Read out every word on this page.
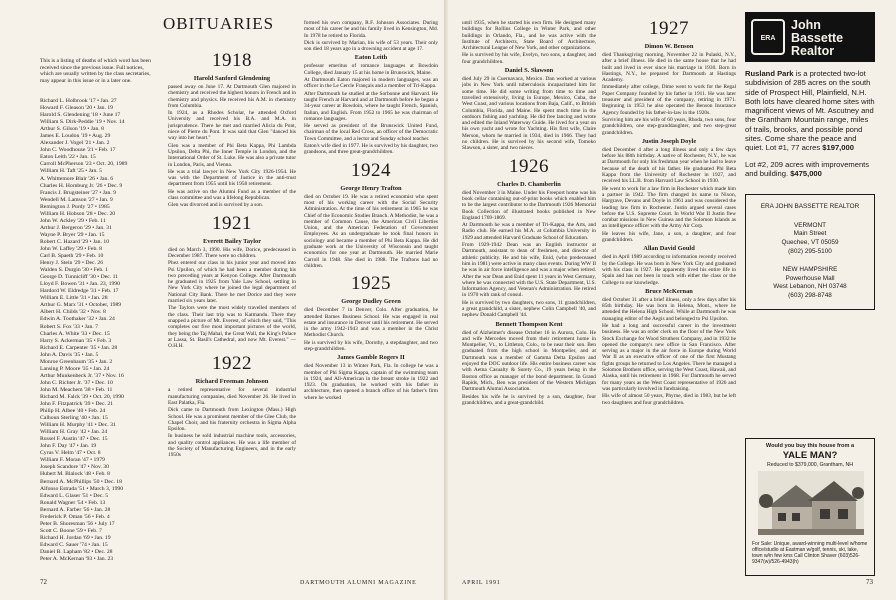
OBITUARIES
This is a listing of deaths of which word has been received since the previous issue. Full notices, which are usually written by the class secretaries, may appear in this issue or in a later one.
Richard L. Holbrook '17 • Jan. 27
Howard F. Gleason '20 • Jan. 19
Harold S. Glendening '18 • June 17
William S. Dirk-Peddie '19 • Nov. 14
Arthur S. Gilson '19 • Jan. 8
James E. Loudon '19 • Aug. 29
Alexander J. Vogel '21 • Jan. 2
John C. Woodhouse '21 • Feb. 17
Eaton Leith '22 • Jan. 15
Carroll McPherson '23 • Oct. 20, 1989
William H. Taft '25 • Jan. 5
A. Whittemore Blair '26 • Jan. 6
Charles H. Hornburg Jr. '26 • Dec. 9
Francis J. Brugsteiner '27 • Jan. 9
Wendell M. Lamson '27 • Jan. 9
Remington J. Purdy '27 • 1985
William H. Hobson '28 • Dec. 20
John W. Ackley '29 • Feb. 11
Arthur J. Bergeron '29 • Jan. 31
Wayne P. Bryer '29 • Jan. 15
Robert C. Hazard '29 • Jan. 10
John W. Laffey '29 • Feb. 8
Carl B. Spaeth '29 • Feb. 10
Henry J. Stein '29 • Dec. 26
Walden S. Durgin '30 • Feb. 1
George D. Tunnicliff '30 • Dec. 11
Lloyd F. Bowen '31 • Jan. 23, 1990
Hardord W. Eldredge '31 • Feb. 17
William E. Little '31 • Jan. 28
Arthur G. Marx '31 • October, 1989
Albert H. Childs '32 • Nov. 8
Edwin A. Toothaker '32 • Jan. 24
Robert S. Fox '33 • Jan. 7
Charles A. White '33 • Dec. 15
Harry S. Ackerman '35 • Feb. 3
Richard E. Carpenter '35 • Jan. 28
John A. Davis '35 • Jan. 5
Monroe Greenbaum '35 • Jan. 2
Lansing P. Moore '35 • Jan. 24
Arthur Munkenbeck Jr. '37 • Nov. 16
John C. Richter Jr. '37 • Dec. 10
John M. Meachem '38 • Feb. 11
Richard M. Falck '39 • Oct. 20, 1990
John F. Fitzpatrick '39 • Dec. 21
Philip H. Albee '40 • Feb. 24
Calhoun Sterling '40 • Jan. 15
William H. Murphy '41 • Dec. 31
William H. Gray '42 • Jan. 24
Russel F. Austin '47 • Dec. 15
John F. Day '47 • Jan. 19
Cyrus V. Helm '47 • Oct. 8
William F. Moran '47 • 1979
Joseph Scandore '47 • Nov. 30
Hubert M. Blalock '48 • Feb. 8
Bernard A. McPhillips '50 • Dec. 18
Alfonso Estrada '51 • March 3, 1990
Edward L. Glaser '51 • Dec. 5
Ronald Wagner '54 • Feb. 13
Bernard A. Farber '56 • Jan. 28
Frederick P. Oman '56 • Feb. 4
Peter B. Shoresman '56 • July 17
Scott C. Boone '59 • Feb. 7
Richard H. Jordan '69 • Jan. 19
Edward C. Sauer '74 • Jan. 15
Daniel B. Lapham '82 • Dec. 28
Peter A. McKernan '93 • Jan. 23
1918
Harold Sanford Glendening

passed away on June 17. At Dartmouth Glen majored in chemistry and received the highest honors in French and in chemistry and physics. He received his A.M. in chemistry from Columbia.

In 1924, as a Rhodes Scholar, he attended Oxford University and received his B.A. and M.A. in jurisprudence. There he met and married Alicia du Pont, niece of Pierre du Pont. It was said that Glen "danced his way into her heart."

Glen was a member of Phi Beta Kappa, Phi Lambda Upsilon, Delta Phi, the Inner Temple in London, and the International Order of St. Luke. He was also a private tutor in London, Paris, and Vienna.

He was a trial lawyer in New York City 1926-1954. He was with the Department of Justice in the anti-trust department from 1955 until his 1958 retirement.

He was active on the Alumni Fund as a member of the class committee and was a lifelong Republican.

Glen was divorced and is survived by a son.

1921
Everett Bailey Taylor

died on March 3, 1990. His wife, Dorice, predeceased in December 1987. There were no children.

Phez entered our class in his junior year and moved into Psi Upsilon, of which he had been a member during his two preceding years at Kenyon College. After Dartmouth he graduated in 1925 from Yale Law School, settling in New York City where he joined the legal department of National City Bank. There he met Dorice and they were married six years later.

The Taylors were the most widely travelled members of the class. Their last trip was to Katmandu. There they snapped a picture of Mt. Everest, of which they said, "This completes our five most important pictures of the world, they being the Taj Mahal, the Great Wall, the King's Palace at Lassa, St. Basil's Cathedral, and now Mt. Everest." —O.H.H.

1922
Richard Freeman Johnson

a retired representative for several industrial manufacturing companies, died November 26. He lived in East Palatka, Fla.

Dick came to Dartmouth from Lexington (Mass.) High School. He was a prominent member of the Glee Club, the Chapel Choir, and his fraternity orchestra in Sigma Alpha Epsilon.

In business he sold industrial machine tools, accessories, and quality control appliances. He was a life member of the Society of Manufacturing Engineers, and in the early 1950s

formed his own company, R.F. Johnson Associates. During most of his career he and his family lived in Kensington, Md. In 1978 he retired to Florida.

Dick is survived by Marian, his wife of 53 years. Their only son died 18 years ago in a drowning accident at age 17.

Eaton Leith

professor emeritus of romance languages at Bowdoin College, died January 15 at his home in Brunswick, Maine.

At Dartmouth Eaton majored in modern languages, was an officer in the Le Cercle Français and a member of Tri-Kappa.

After Dartmouth he studied at the Sorbonne and Harvard. He taught French at Harvard and at Dartmouth before he began a 34-year career at Bowdoin, where he taught French, Spanish, Italian, and English. From 1952 to 1965 he was chairman of romance languages.

He served as president of the Brunswick United Fund, chairman of the local Red Cross, an officer of the Democratic Town Committee, and a lector and Sunday school teacher.

Eaton's wife died in 1977. He is survived by his daughter, two grandsons, and three great-grandchildren.

1924
George Henry Trafton

died on October 19. He was a retired economist who spent most of his working career with the Social Security Administration. At the time of his retirement in 1965 he was Chief of the Economic Studies Branch. A Methodist, he was a member of Common Cause, the American Civil Liberties Union, and the American Federation of Government Employees. As an undergraduate he took final honors in sociology and became a member of Phi Beta Kappa. He did graduate work at the University of Wisconsin and taught economics for one year at Dartmouth. He married Marie Carroll in 1948. She died in 1988. The Traftons had no children.

1925
George Dudley Green

died December 7 in Denver, Colo. After graduation, he attended Barnes Business School. He was engaged in real estate and insurance in Denver until his retirement. He served in the army 1942-1943 and was a member in the Christ Methodist Church.

He is survived by his wife, Dorothy, a stepdaughter, and two step-grandchildren.

James Gamble Rogers II

died November 13 in Winter Park, Fla. In college he was a member of Phi Sigma Kappa, captain of the swimming team in 1924, and All-American in the breast stroke in 1922 and 1923. On graduation, he worked with his father in architecture, then opened a branch office of his father's firm where he worked

72	DARTMOUTH ALUMNI MAGAZINE	APRIL 1991	73

until 1935, when he started his own firm. He designed many buildings for Rollins College in Winter Park, and other buildings in Orlando, Fla., and he was active with the Institute of Architects, State Board of Architecture, Architectural League of New York, and other organizations.

He is survived by his wife, Evelyn, two sons, a daughter, and four grandchildren.

Daniel S. Slawson

died July 29 in Cuernavaca, Mexico. Dan worked at various jobs in New York until tuberculosis incapacitated him for some time. He did some writing from time to time and travelled extensively, living in Europe, Mexico, Cuba, the West Coast, and various locations from Baja, Calif., to British Columbia, Florida, and Maine. He spent much time in the outdoors fishing and yachting. He did free lancing and wrote and edited the Inland Waterway Guide. He lived for a year on his own yacht and wrote for Yachting. His first wife, Claire Merson, whom he married in 1934, died in 1966. They had no children. He is survived by his second wife, Tomoko Slawson, a sister, and two nieces.

1926
Charles D. Chamberlin

died November 3 in Maine. Under his Freeport home was his book cellar containing out-of-print books which enabled him to be the largest contributor to the Dartmouth 1926 Memorial Book Collection of illustrated books published in New England 1769-1869.

At Dartmouth he was a member of Tri-Kappa, the Arts, and Radio club. He earned his M.A. at Columbia University in 1929 and attended Harvard Graduate School of Education.

From 1929-1942 Dean was an English instructor at Dartmouth, assistant to dean of freshmen, and director of athletic publicity. He and his wife, Enid, (who predeceased him in 1981) were active in many class events. During WW II he was in air force intelligence and was a major when retired. After the war Dean and Enid spent 11 years in West Germany, where he was connected with the U.S. State Department, U.S. Information Agency, and Veteran's Administration. He retired in 1970 with rank of consul.

He is survived by two daughters, two sons, 11 grandchildren, a great grandchild, a sister, nephew Colin Campbell '40, and nephew Donald Campbell '44.

Bennett Thompson Kent

died of Alzheimer's disease October 16 in Aurora, Colo. He and wife Mercedes moved from their retirement home in Montpelier, Vt., to Littleton, Colo., to be near their son. Ben graduated from the high school in Montpelier, and at Dartmouth was a member of Gamma Delta Epsilon and enjoyed the DOC outdoor life. His entire business career was with Aetna Casualty & Surety Co., 19 years being in the Boston office as manager of the bond department. In Grand Rapids, Mich., Ben was president of the Western Michigan Dartmouth Alumni Association.

Besides his wife he is survived by a son, daughter, four grandchildren, and a great-grandchild.

1927
Dimon W. Benson

died Thanksgiving morning, November 22 in Pulaski, N.Y., after a brief illness. He died in the same house that he had built and lived in ever since his marriage in 1930. Born in Hastings, N.Y., he prepared for Dartmouth at Hastings Academy.

Immediately after college, Dime went to work for the Regal Paper Company founded by his father in 1911. He was later treasurer and president of the company, retiring in 1971. Beginning in 1953 he also operated the Benson Insurance Agency founded by his father-in-law in the 1920s.

Surviving him are his wife of 60 years, Rhoda, two sons, four grandchildren, one step-granddaughter, and two step-great grandchildren.

Justin Joseph Doyle

died December 4 after a long illness and only a few days before his 88th birthday. A native of Rochester, N.Y., he was at Dartmouth for only his freshman year when he had to leave because of the death of his father. He graduated Phi Beta Kappa from the University of Rochester in 1927, and received his LL.B. from Harvard Law School in 1930.

He went to work for a law firm in Rochester which made him a partner in 1942. The firm changed its name to Nixon, Hargrave, Devans and Doyle in 1961 and was considered the leading law firm in Rochester. Justin argued several cases before the U.S. Supreme Court. In World War II Justin flew combat missions in New Guinea and the Solomon Islands as an intelligence officer with the Army Air Corp.

He leaves his wife, Jane, a son, a daughter, and four grandchildren.

Allan David Gould

died in April 1989 according to information recently received by the College. He was born in New York City and graduated with his class in 1927. He apparently lived his entire life in Spain and has not been in touch with either the class or the College to our knowledge.

Bruce McKernan

died October 31 after a brief illness, only a few days after his 85th birthday. He was born in Helena, Mont., where he attended the Helena High School. While at Dartmouth he was managing editor of the Aegis and belonged to Psi Upsilon.

He had a long and successful career in the investment business. He was an order clerk on the floor of the New York Stock Exchange for Wood Struthers Company, and in 1932 he opened the company's new office in San Francisco. After serving as a major in the air force in Europe during World War II as an executive officer of one of the first Mustang fights groups he returned to Los Angeles. There he managed a Solomon Brothers office, serving the West Coast, Hawaii, and Alaska, until his retirement in 1968. For Dartmouth he served for many years as the West Coast representative of 1926 and was particularly involved in fundraising.

His wife of almost 50 years, Phyrne, died in 1983, but he left two daughters and four grandchildren.

ERA
John
Bassette
Realtor
Rusland Park is a protected two-lot subdivision of 285 acres on the south side of Prospect Hill, Plainfield, N.H. Both lots have cleared home sites with magnificent views of Mt. Ascutney and the Grantham Mountain range, miles of trails, brooks, and possible pond sites. Come share the peace and quiet. Lot #1, 77 acres $197,000
Lot #2, 209 acres with improvements and building. $475,000
ERA JOHN BASSETTE REALTOR
VERMONT
Main Street
Quechee, VT 05059
(802) 295-5100
NEW HAMPSHIRE
Powerhouse Mall
West Lebanon, NH 03748
(603) 298-8748
Would you buy this house from a
YALE MAN?
Reduced to $379,000, Grantham, NH
For Sale: Unique, award-winning multi-level w/home office/studio at Eastman w/golf, tennis, ski, lake, town w/in few kms Call Clinton Shaver (603)526-9347(w)/526-4943(h)
